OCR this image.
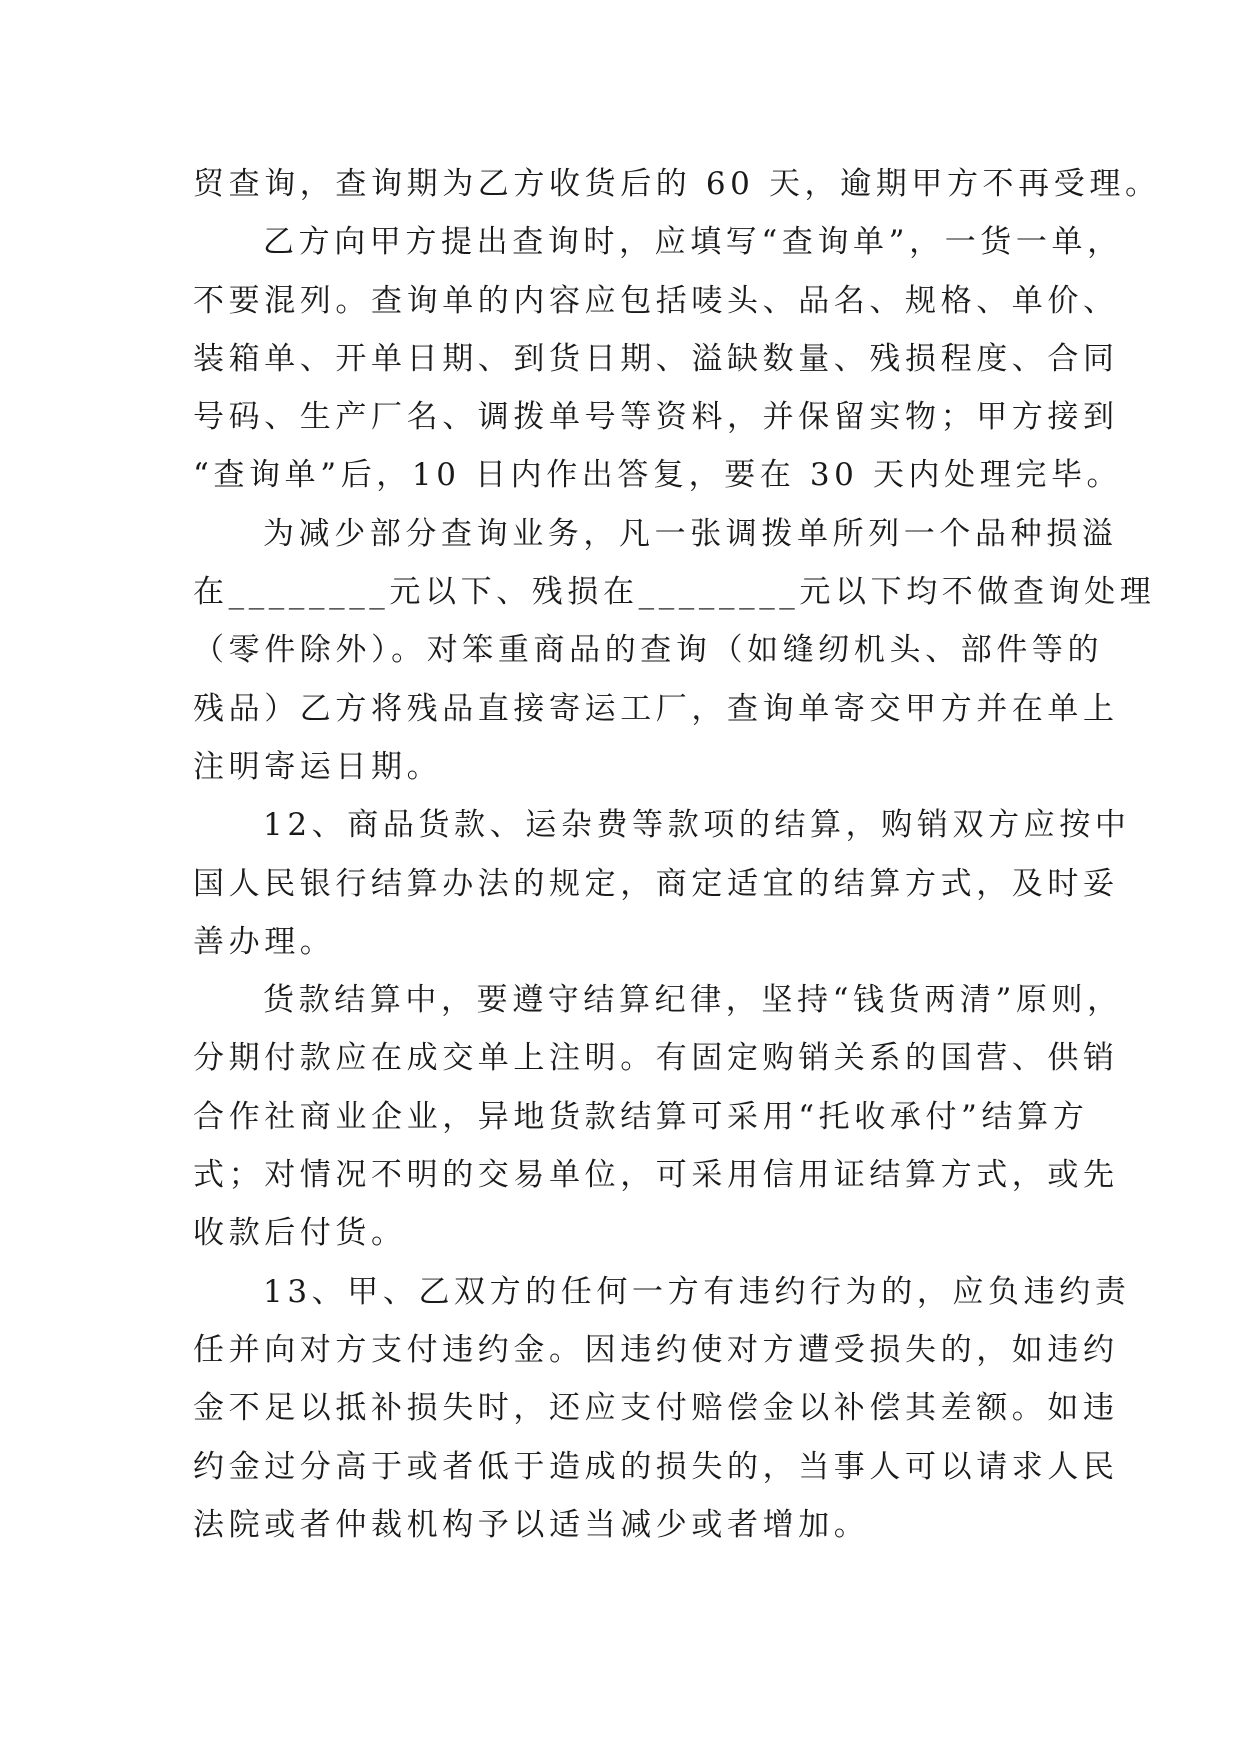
贸查询，查询期为乙方收货后的 60 天，逾期甲方不再受理。
乙方向甲方提出查询时，应填写“查询单”，一货一单，
不要混列。查询单的内容应包括唛头、品名、规格、单价、
装箱单、开单日期、到货日期、溢缺数量、残损程度、合同
号码、生产厂名、调拨单号等资料，并保留实物；甲方接到
“查询单”后，10 日内作出答复，要在 30 天内处理完毕。
为减少部分查询业务，凡一张调拨单所列一个品种损溢
在________元以下、残损在________元以下均不做查询处理
（零件除外）。对笨重商品的查询（如缝纫机头、部件等的
残品）乙方将残品直接寄运工厂，查询单寄交甲方并在单上
注明寄运日期。
12、商品货款、运杂费等款项的结算，购销双方应按中
国人民银行结算办法的规定，商定适宜的结算方式，及时妥
善办理。
货款结算中，要遵守结算纪律，坚持“钱货两清”原则，
分期付款应在成交单上注明。有固定购销关系的国营、供销
合作社商业企业，异地货款结算可采用“托收承付”结算方
式；对情况不明的交易单位，可采用信用证结算方式，或先
收款后付货。
13、甲、乙双方的任何一方有违约行为的，应负违约责
任并向对方支付违约金。因违约使对方遭受损失的，如违约
金不足以抵补损失时，还应支付赔偿金以补偿其差额。如违
约金过分高于或者低于造成的损失的，当事人可以请求人民
法院或者仲裁机构予以适当减少或者增加。
